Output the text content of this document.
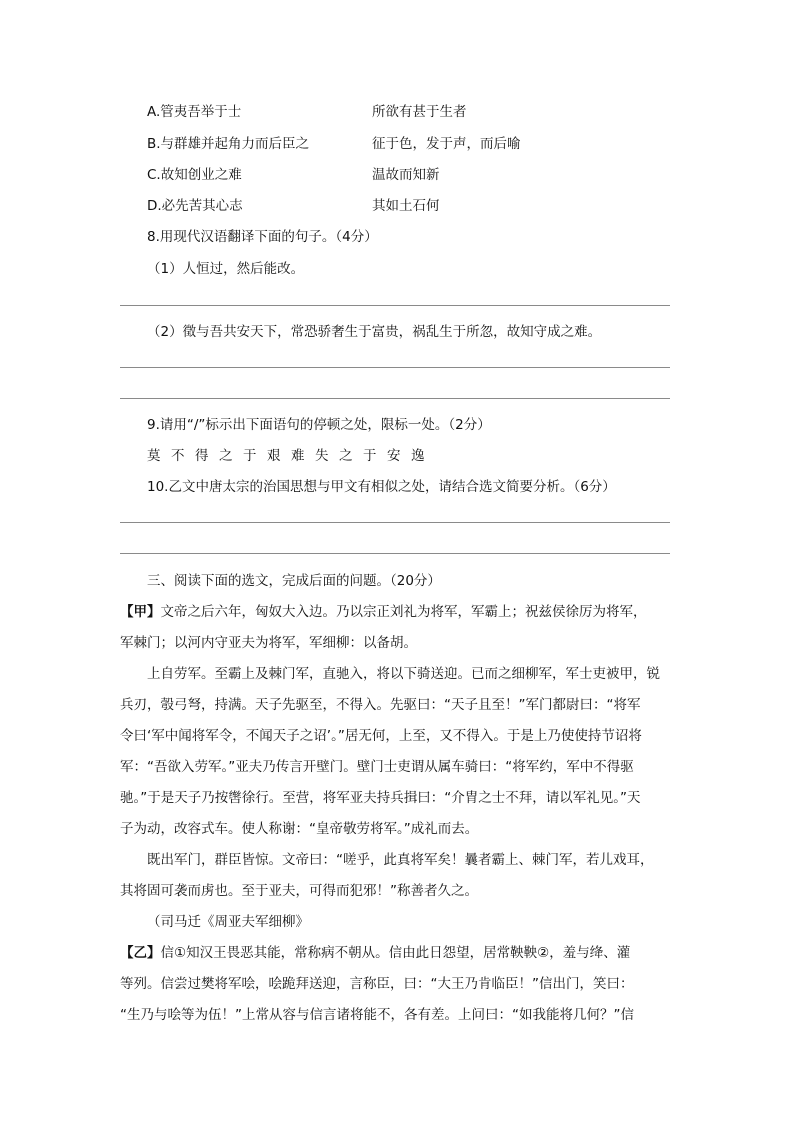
A.管夷吾举于士	所欲有甚于生者
B.与群雄并起角力而后臣之	征于色，发于声，而后喻
C.故知创业之难	温故而知新
D.必先苦其心志	其如土石何
8.用现代汉语翻译下面的句子。（4分）
（1）人恒过，然后能改。
（2）徵与吾共安天下，常恐骄奢生于富贵，祸乱生于所忽，故知守成之难。
9.请用“/”标示出下面语句的停顿之处，限标一处。（2分）
莫不得之于艰难失之于安逸
10.乙文中唐太宗的治国思想与甲文有相似之处，请结合选文简要分析。（6分）
三、阅读下面的选文，完成后面的问题。（20分）
【甲】文帝之后六年，匈奴大入边。乃以宗正刘礼为将军，军霸上；祝兹侯徐厉为将军，
军棘门；以河内守亚夫为将军，军细柳：以备胡。
上自劳军。至霸上及棘门军，直驰入，将以下骑送迎。已而之细柳军，军士吏被甲，锐
兵刃，彀弓弩，持满。天子先驱至，不得入。先驱曰：“天子且至！”军门都尉曰：“将军
令曰‘军中闻将军令，不闻天子之诏’。”居无何，上至，又不得入。于是上乃使使持节诏将
军：“吾欲入劳军。”亚夫乃传言开壁门。壁门士吏谓从属车骑曰：“将军约，军中不得驱
驰。”于是天子乃按辔徐行。至营，将军亚夫持兵揖曰：“介胄之士不拜，请以军礼见。”天
子为动，改容式车。使人称谢：“皇帝敬劳将军。”成礼而去。
既出军门，群臣皆惊。文帝曰：“嗟乎，此真将军矣！曩者霸上、棘门军，若儿戏耳，
其将固可袭而虏也。至于亚夫，可得而犯邪！”称善者久之。
（司马迁《周亚夫军细柳》
【乙】信①知汉王畏恶其能，常称病不朝从。信由此日怨望，居常鞅鞅②，羞与绛、灌
等列。信尝过樊将军哙，哙跪拜送迎，言称臣，曰：“大王乃肯临臣！”信出门，笑曰：
“生乃与哙等为伍！”上常从容与信言诸将能不，各有差。上问曰：“如我能将几何？”信
